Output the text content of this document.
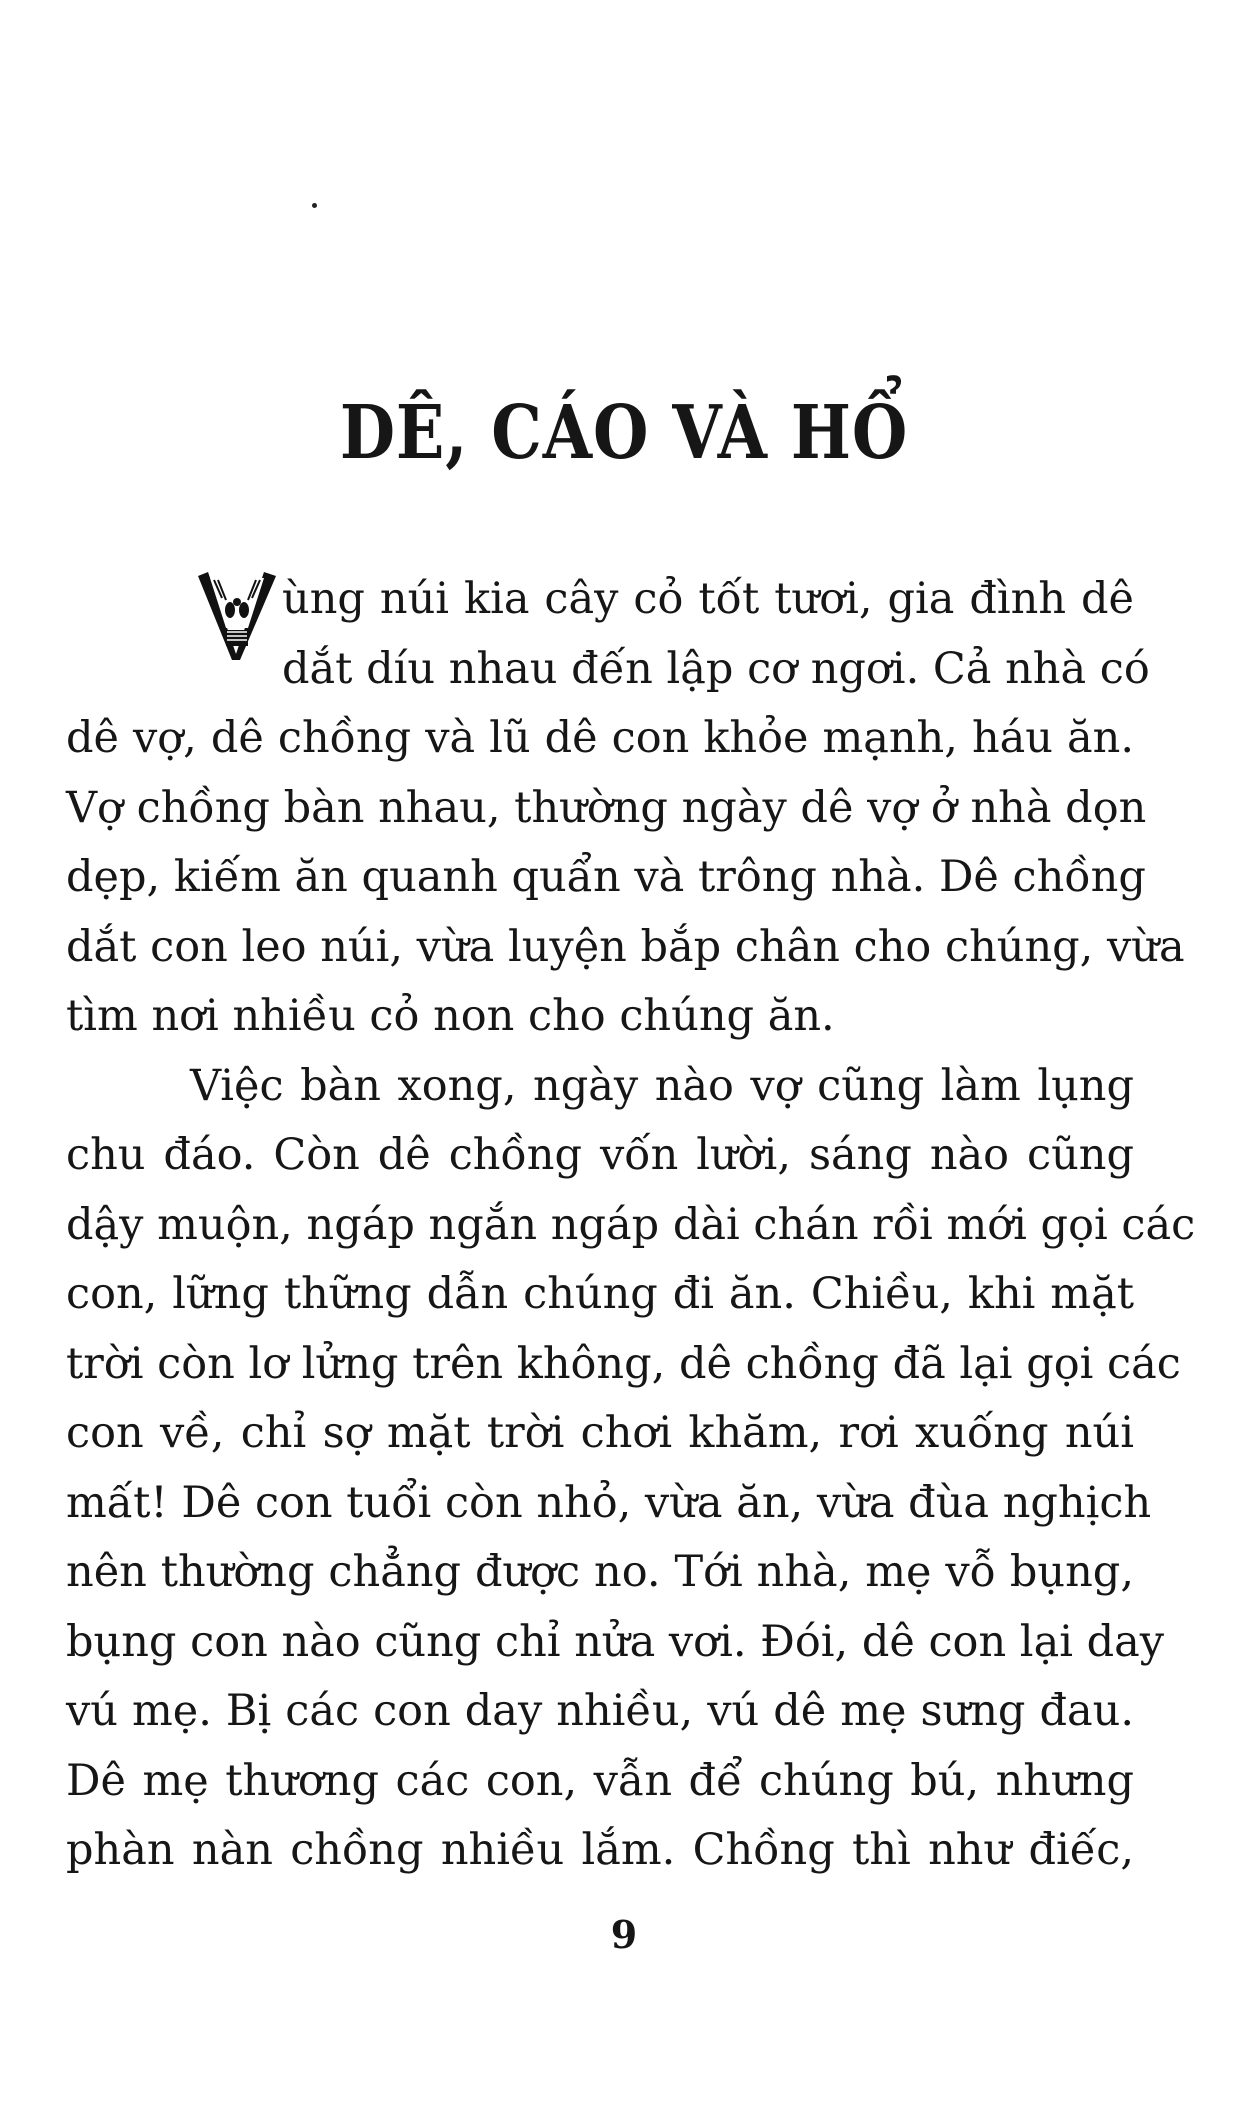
DÊ, CÁO VÀ HỔ
ùng núi kia cây cỏ tốt tươi, gia đình dê
dắt díu nhau đến lập cơ ngơi. Cả nhà có
dê vợ, dê chồng và lũ dê con khỏe mạnh, háu ăn.
Vợ chồng bàn nhau, thường ngày dê vợ ở nhà dọn
dẹp, kiếm ăn quanh quẩn và trông nhà. Dê chồng
dắt con leo núi, vừa luyện bắp chân cho chúng, vừa
tìm nơi nhiều cỏ non cho chúng ăn.
Việc bàn xong, ngày nào vợ cũng làm lụng
chu đáo. Còn dê chồng vốn lười, sáng nào cũng
dậy muộn, ngáp ngắn ngáp dài chán rồi mới gọi các
con, lững thững dẫn chúng đi ăn. Chiều, khi mặt
trời còn lơ lửng trên không, dê chồng đã lại gọi các
con về, chỉ sợ mặt trời chơi khăm, rơi xuống núi
mất! Dê con tuổi còn nhỏ, vừa ăn, vừa đùa nghịch
nên thường chẳng được no. Tới nhà, mẹ vỗ bụng,
bụng con nào cũng chỉ nửa vơi. Đói, dê con lại day
vú mẹ. Bị các con day nhiều, vú dê mẹ sưng đau.
Dê mẹ thương các con, vẫn để chúng bú, nhưng
phàn nàn chồng nhiều lắm. Chồng thì như điếc,
9
